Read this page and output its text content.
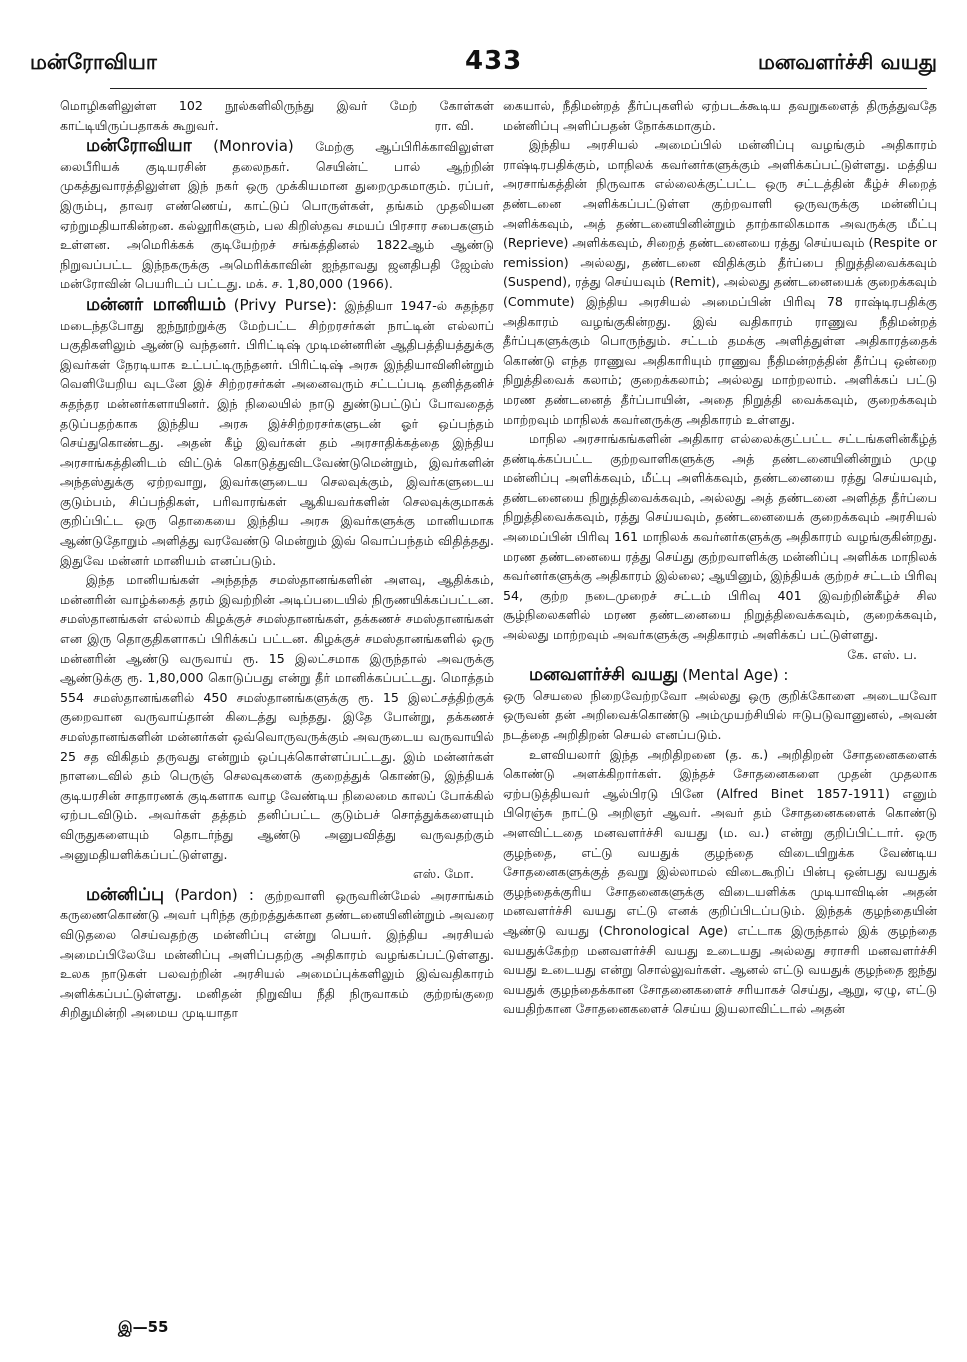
மன்ரோவியா	433	மனவளர்ச்சி வயது

மொழிகளிலுள்ள 102 நூல்களிலிருந்து இவர் மேற் கோள்கள் காட்டியிருப்பதாகக் கூறுவர்.	ரா. வி.

மன்ரோவியா (Monrovia) மேற்கு ஆப்பிரிக்காவிலுள்ள லைபீரியக் குடியரசின் தலைநகர். செயின்ட் பால் ஆற்றின் முகத்துவாரத்திலுள்ள இந் நகர் ஒரு முக்கியமான துறைமுகமாகும். ரப்பர், இரும்பு, தாவர எண்ணெய், காட்டுப் பொருள்கள், தங்கம் முதலியன ஏற்றுமதியாகின்றன. கல்லூரிகளும், பல கிறிஸ்தவ சமயப் பிரசார சபைகளும் உள்ளன. அமெரிக்கக் குடியேற்றச் சங்கத்தினல் 1822ஆம் ஆண்டு நிறுவப்பட்ட இந்நகருக்கு அமெரிக்காவின் ஐந்தாவது ஜனதிபதி ஜேம்ஸ் மன்ரோவின் பெயரிடப் பட்டது. மக். ச. 1,80,000 (1966).

மன்னர் மானியம் (Privy Purse): இந்தியா 1947-ல் சுதந்தர மடைந்தபோது ஐந்நூற்றுக்கு மேற்பட்ட சிற்றரசர்கள் நாட்டின் எல்லாப் பகுதிகளிலும் ஆண்டு வந்தனர். பிரிட்டிஷ் முடிமன்னரின் ஆதிபத்தியத்துக்கு இவர்கள் நேரடியாக உட்பட்டிருந்தனர். பிரிட்டிஷ் அரசு இந்தியாவினின்றும் வெளியேறிய வுடனே இச் சிற்றரசர்கள் அனைவரும் சட்டப்படி தனித்தனிச் சுதந்தர மன்னர்களாயினர். இந் நிலையில் நாடு துண்டுபட்டுப் போவதைத் தடுப்பதற்காக இந்திய அரசு இச்சிற்றரசர்களுடன் ஓர் ஒப்பந்தம் செய்துகொண்டது. அதன் கீழ் இவர்கள் தம் அரசாதிக்கத்தை இந்திய அரசாங்கத்தினிடம் விட்டுக் கொடுத்துவிடவேண்டுமென்றும், இவர்களின் அந்தஸ்துக்கு ஏற்றவாறு, இவர்களுடைய செலவுக்கும், இவர்களுடைய குடும்பம், சிப்பந்திகள், பரிவாரங்கள் ஆகியவர்களின் செலவுக்குமாகக் குறிப்பிட்ட ஒரு தொகையை இந்திய அரசு இவர்களுக்கு மானியமாக ஆண்டுதோறும் அளித்து வரவேண்டு மென்றும் இவ் வொப்பந்தம் விதித்தது. இதுவே மன்னர் மானியம் எனப்படும்.

இந்த மானியங்கள் அந்தந்த சமஸ்தானங்களின் அளவு, ஆதிக்கம், மன்னரின் வாழ்க்கைத் தரம் இவற்றின் அடிப்படையில் நிருணயிக்கப்பட்டன. சமஸ்தானங்கள் எல்லாம் கிழக்குச் சமஸ்தானங்கள், தக்கணச் சமஸ்தானங்கள் என இரு தொகுதிகளாகப் பிரிக்கப் பட்டன. கிழக்குச் சமஸ்தானங்களில் ஒரு மன்னரின் ஆண்டு வருவாய் ரூ. 15 இலட்சமாக இருந்தால் அவருக்கு ஆண்டுக்கு ரூ. 1,80,000 கொடுப்பது என்று தீர் மானிக்கப்பட்டது. மொத்தம் 554 சமஸ்தானங்களில் 450 சமஸ்தானங்களுக்கு ரூ. 15 இலட்சத்திற்குக் குறைவான வருவாய்தான் கிடைத்து வந்தது. இதே போன்று, தக்கணச் சமஸ்தானங்களின் மன்னர்கள் ஒவ்வொருவருக்கும் அவருடைய வருவாயில் 25 சத விகிதம் தருவது என்றும் ஒப்புக்கொள்ளப்பட்டது. இம் மன்னர்கள் நாளடைவில் தம் பெருஞ் செலவுகளைக் குறைத்துக் கொண்டு, இந்தியக் குடியரசின் சாதாரணக் குடிகளாக வாழ வேண்டிய நிலைமை காலப் போக்கில் ஏற்படவிடும். அவர்கள் தத்தம் தனிப்பட்ட குடும்பச் சொத்துக்களையும் விருதுகளையும் தொடர்ந்து ஆண்டு அனுபவித்து வருவதற்கும் அனுமதியளிக்கப்பட்டுள்ளது.

எஸ். மோ.

மன்னிப்பு (Pardon) : குற்றவாளி ஒருவரின்மேல் அரசாங்கம் கருணைகொண்டு அவர் புரிந்த குற்றத்துக்கான தண்டனையினின்றும் அவரை விடுதலை செய்வதற்கு மன்னிப்பு என்று பெயர். இந்திய அரசியல் அமைப்பிலேயே மன்னிப்பு அளிப்பதற்கு அதிகாரம் வழங்கப்பட்டுள்ளது. உலக நாடுகள் பலவற்றின் அரசியல் அமைப்புக்களிலும் இவ்வதிகாரம் அளிக்கப்பட்டுள்ளது. மனிதன் நிறுவிய நீதி நிருவாகம் குற்றங்குறை சிறிதுமின்றி அமைய முடியாதா

கையால், நீதிமன்றத் தீர்ப்புகளில் ஏற்படக்கூடிய தவறுகளைத் திருத்துவதே மன்னிப்பு அளிப்பதன் நோக்கமாகும்.

இந்திய அரசியல் அமைப்பில் மன்னிப்பு வழங்கும் அதிகாரம் ராஷ்டிரபதிக்கும், மாநிலக் கவர்னர்களுக்கும் அளிக்கப்பட்டுள்ளது. மத்திய அரசாங்கத்தின் நிருவாக எல்லைக்குட்பட்ட ஒரு சட்டத்தின் கீழ்ச் சிறைத் தண்டனை அளிக்கப்பட்டுள்ள குற்றவாளி ஒருவருக்கு மன்னிப்பு அளிக்கவும், அத் தண்டனையினின்றும் தாற்காலிகமாக அவருக்கு மீட்பு (Reprieve) அளிக்கவும், சிறைத் தண்டனையை ரத்து செய்யவும் (Respite or remission) அல்லது, தண்டனை விதிக்கும் தீர்ப்பை நிறுத்திவைக்கவும் (Suspend), ரத்து செய்யவும் (Remit), அல்லது தண்டனையைக் குறைக்கவும் (Commute) இந்திய அரசியல் அமைப்பின் பிரிவு 78 ராஷ்டிரபதிக்கு அதிகாரம் வழங்குகின்றது. இவ் வதிகாரம் ராணுவ நீதிமன்றத் தீர்ப்புகளுக்கும் பொருந்தும். சட்டம் தமக்கு அளித்துள்ள அதிகாரத்தைக் கொண்டு எந்த ராணுவ அதிகாரியும் ராணுவ நீதிமன்றத்தின் தீர்ப்பு ஒன்றை நிறுத்திவைக் கலாம்; குறைக்கலாம்; அல்லது மாற்றலாம். அளிக்கப் பட்டு மரண தண்டனைத் தீர்ப்பாயின், அதை நிறுத்தி வைக்கவும், குறைக்கவும் மாற்றவும் மாநிலக் கவர்னருக்கு அதிகாரம் உள்ளது.

மாநில அரசாங்கங்களின் அதிகார எல்லைக்குட்பட்ட சட்டங்களின்கீழ்த் தண்டிக்கப்பட்ட குற்றவாளிகளுக்கு அத் தண்டனையினின்றும் முழு மன்னிப்பு அளிக்கவும், மீட்பு அளிக்கவும், தண்டனையை ரத்து செய்யவும், தண்டனையை நிறுத்திவைக்கவும், அல்லது அத் தண்டனை அளித்த தீர்ப்பை நிறுத்திவைக்கவும், ரத்து செய்யவும், தண்டனையைக் குறைக்கவும் அரசியல் அமைப்பின் பிரிவு 161 மாநிலக் கவர்னர்களுக்கு அதிகாரம் வழங்குகின்றது. மரண தண்டனையை ரத்து செய்து குற்றவாளிக்கு மன்னிப்பு அளிக்க மாநிலக் கவர்னர்களுக்கு அதிகாரம் இல்லை; ஆயினும், இந்தியக் குற்றச் சட்டம் பிரிவு 54, குற்ற நடைமுறைச் சட்டம் பிரிவு 401 இவற்றின்கீழ்ச் சில சூழ்நிலைகளில் மரண தண்டனையை நிறுத்திவைக்கவும், குறைக்கவும், அல்லது மாற்றவும் அவர்களுக்கு அதிகாரம் அளிக்கப் பட்டுள்ளது.

கே. எஸ். ப.

மனவளர்ச்சி வயது (Mental Age) :

ஒரு செயலை நிறைவேற்றவோ அல்லது ஒரு குறிக்கோளை அடையவோ ஒருவன் தன் அறிவைக்கொண்டு அம்முயற்சியில் ஈடுபடுவானுனல், அவன் நடத்தை அறிதிறன் செயல் எனப்படும்.

உளவியலார் இந்த அறிதிறனை (த. க.) அறிதிறன் சோதனைகளைக் கொண்டு அளக்கிறார்கள். இந்தச் சோதனைகளை முதன் முதலாக ஏற்படுத்தியவர் ஆல்பிரடு பினே (Alfred Binet 1857-1911) எனும் பிரெஞ்சு நாட்டு அறிஞர் ஆவர். அவர் தம் சோதனைகளைக் கொண்டு அளவிட்டதை மனவளர்ச்சி வயது (ம. வ.) என்று குறிப்பிட்டார். ஒரு குழந்தை, எட்டு வயதுக் குழந்தை விடையிறுக்க வேண்டிய சோதனைகளுக்குத் தவறு இல்லாமல் விடைகூறிப் பின்பு ஒன்பது வயதுக் குழந்தைக்குரிய சோதனைகளுக்கு விடையளிக்க முடியாவிடின் அதன் மனவளர்ச்சி வயது எட்டு எனக் குறிப்பிடப்படும். இந்தக் குழந்தையின் ஆண்டு வயது (Chronological Age) எட்டாக இருந்தால் இக் குழந்தை வயதுக்கேற்ற மனவளர்ச்சி வயது உடையது அல்லது சராசரி மனவளர்ச்சி வயது உடையது என்று சொல்லுவர்கள். ஆனல் எட்டு வயதுக் குழந்தை ஐந்து வயதுக் குழந்தைக்கான சோதனைகளைச் சரியாகச் செய்து, ஆறு, ஏழு, எட்டு வயதிற்கான சோதனைகளைச் செய்ய இயலாவிட்டால் அதன்

இ—55
